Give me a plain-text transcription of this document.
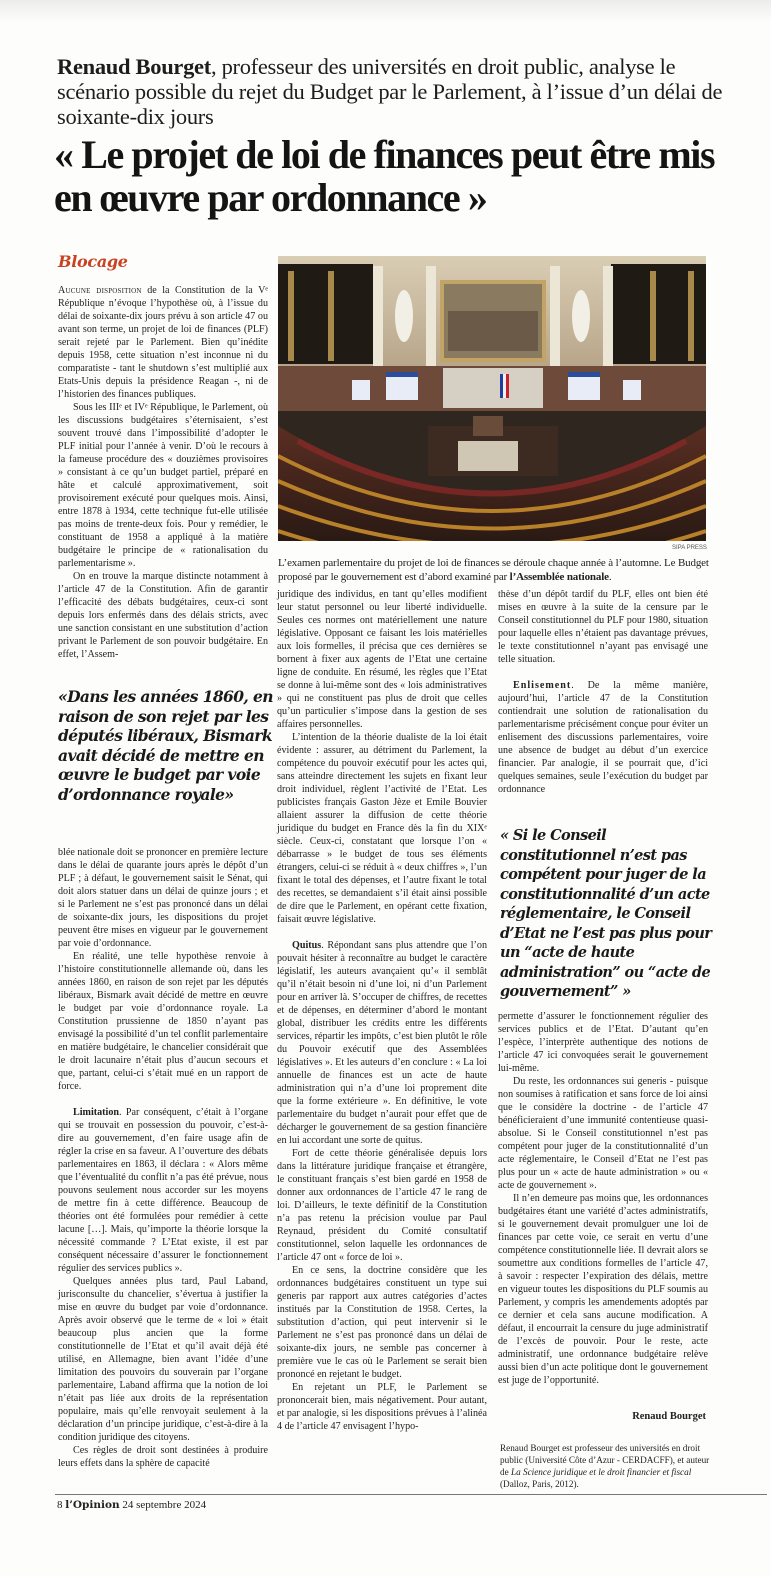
Renaud Bourget, professeur des universités en droit public, analyse le scénario possible du rejet du Budget par le Parlement, à l’issue d’un délai de soixante-dix jours
« Le projet de loi de finances peut être mis en œuvre par ordonnance »
Blocage

Aucune disposition de la Constitution de la Vᵉ République n’évoque l’hypothèse où, à l’issue du délai de soixante-dix jours prévu à son article 47 ou avant son terme, un projet de loi de finances (PLF) serait rejeté par le Parlement. Bien qu’inédite depuis 1958, cette situation n’est inconnue ni du comparatiste - tant le shutdown s’est multiplié aux Etats-Unis depuis la présidence Reagan -, ni de l’historien des finances publiques.

Sous les IIIᵉ et IVᵉ République, le Parlement, où les discussions budgétaires s’éternisaient, s’est souvent trouvé dans l’impossibilité d’adopter le PLF initial pour l’année à venir. D’où le recours à la fameuse procédure des « douzièmes provisoires » consistant à ce qu’un budget partiel, préparé en hâte et calculé approximativement, soit provisoirement exécuté pour quelques mois. Ainsi, entre 1878 à 1934, cette technique fut-elle utilisée pas moins de trente-deux fois. Pour y remédier, le constituant de 1958 a appliqué à la matière budgétaire le principe de « rationalisation du parlementarisme ».

On en trouve la marque distincte notamment à l’article 47 de la Constitution. Afin de garantir l’efficacité des débats budgétaires, ceux-ci sont depuis lors enfermés dans des délais stricts, avec une sanction consistant en une substitution d’action privant le Parlement de son pouvoir budgétaire. En effet, l’Assem-

«Dans les années 1860, en raison de son rejet par les députés libéraux, Bismark avait décidé de mettre en œuvre le budget par voie d’ordonnance royale»

blée nationale doit se prononcer en première lecture dans le délai de quarante jours après le dépôt d’un PLF ; à défaut, le gouvernement saisit le Sénat, qui doit alors statuer dans un délai de quinze jours ; et si le Parlement ne s’est pas prononcé dans un délai de soixante-dix jours, les dispositions du projet peuvent être mises en vigueur par le gouvernement par voie d’ordonnance.

En réalité, une telle hypothèse renvoie à l’histoire constitutionnelle allemande où, dans les années 1860, en raison de son rejet par les députés libéraux, Bismark avait décidé de mettre en œuvre le budget par voie d’ordonnance royale. La Constitution prussienne de 1850 n’ayant pas envisagé la possibilité d’un tel conflit parlementaire en matière budgétaire, le chancelier considérait que le droit lacunaire n’était plus d’aucun secours et que, partant, celui-ci s’était mué en un rapport de force.

Limitation. Par conséquent, c’était à l’organe qui se trouvait en possession du pouvoir, c’est-à-dire au gouvernement, d’en faire usage afin de régler la crise en sa faveur. A l’ouverture des débats parlementaires en 1863, il déclara : « Alors même que l’éventualité du conflit n’a pas été prévue, nous pouvons seulement nous accorder sur les moyens de mettre fin à cette différence. Beaucoup de théories ont été formulées pour remédier à cette lacune […]. Mais, qu’importe la théorie lorsque la nécessité commande ? L’Etat existe, il est par conséquent nécessaire d’assurer le fonctionnement régulier des services publics ».

Quelques années plus tard, Paul Laband, jurisconsulte du chancelier, s’évertua à justifier la mise en œuvre du budget par voie d’ordonnance. Après avoir observé que le terme de « loi » était beaucoup plus ancien que la forme constitutionnelle de l’Etat et qu’il avait déjà été utilisé, en Allemagne, bien avant l’idée d’une limitation des pouvoirs du souverain par l’organe parlementaire, Laband affirma que la notion de loi n’était pas liée aux droits de la représentation populaire, mais qu’elle renvoyait seulement à la déclaration d’un principe juridique, c’est-à-dire à la condition juridique des citoyens.

Ces règles de droit sont destinées à produire leurs effets dans la sphère de capacité

SIPA PRESS
L’examen parlementaire du projet de loi de finances se déroule chaque année à l’automne. Le Budget proposé par le gouvernement est d’abord examiné par l’Assemblée nationale.

juridique des individus, en tant qu’elles modifient leur statut personnel ou leur liberté individuelle. Seules ces normes ont matériellement une nature législative. Opposant ce faisant les lois matérielles aux lois formelles, il précisa que ces dernières se bornent à fixer aux agents de l’Etat une certaine ligne de conduite. En résumé, les règles que l’Etat se donne à lui-même sont des « lois administratives » qui ne constituent pas plus de droit que celles qu’un particulier s’impose dans la gestion de ses affaires personnelles.

L’intention de la théorie dualiste de la loi était évidente : assurer, au détriment du Parlement, la compétence du pouvoir exécutif pour les actes qui, sans atteindre directement les sujets en fixant leur droit individuel, règlent l’activité de l’Etat. Les publicistes français Gaston Jèze et Emile Bouvier allaient assurer la diffusion de cette théorie juridique du budget en France dès la fin du XIXᵉ siècle. Ceux-ci, constatant que lorsque l’on « débarrasse » le budget de tous ses éléments étrangers, celui-ci se réduit à « deux chiffres », l’un fixant le total des dépenses, et l’autre fixant le total des recettes, se demandaient s’il était ainsi possible de dire que le Parlement, en opérant cette fixation, faisait œuvre législative.

Quitus. Répondant sans plus attendre que l’on pouvait hésiter à reconnaître au budget le caractère législatif, les auteurs avançaient qu’« il semblât qu’il n’était besoin ni d’une loi, ni d’un Parlement pour en arriver là. S’occuper de chiffres, de recettes et de dépenses, en déterminer d’abord le montant global, distribuer les crédits entre les différents services, répartir les impôts, c’est bien plutôt le rôle du Pouvoir exécutif que des Assemblées législatives ». Et les auteurs d’en conclure : « La loi annuelle de finances est un acte de haute administration qui n’a d’une loi proprement dite que la forme extérieure ». En définitive, le vote parlementaire du budget n’aurait pour effet que de décharger le gouvernement de sa gestion financière en lui accordant une sorte de quitus.

Fort de cette théorie généralisée depuis lors dans la littérature juridique française et étrangère, le constituant français s’est bien gardé en 1958 de donner aux ordonnances de l’article 47 le rang de loi. D’ailleurs, le texte définitif de la Constitution n’a pas retenu la précision voulue par Paul Reynaud, président du Comité consultatif constitutionnel, selon laquelle les ordonnances de l’article 47 ont « force de loi ».

En ce sens, la doctrine considère que les ordonnances budgétaires constituent un type sui generis par rapport aux autres catégories d’actes institués par la Constitution de 1958. Certes, la substitution d’action, qui peut intervenir si le Parlement ne s’est pas prononcé dans un délai de soixante-dix jours, ne semble pas concerner à première vue le cas où le Parlement se serait bien prononcé en rejetant le budget.

En rejetant un PLF, le Parlement se prononcerait bien, mais négativement. Pour autant, et par analogie, si les dispositions prévues à l’alinéa 4 de l’article 47 envisagent l’hypo-

thèse d’un dépôt tardif du PLF, elles ont bien été mises en œuvre à la suite de la censure par le Conseil constitutionnel du PLF pour 1980, situation pour laquelle elles n’étaient pas davantage prévues, le texte constitutionnel n’ayant pas envisagé une telle situation.

Enlisement. De la même manière, aujourd’hui, l’article 47 de la Constitution contiendrait une solution de rationalisation du parlementarisme précisément conçue pour éviter un enlisement des discussions parlementaires, voire une absence de budget au début d’un exercice financier. Par analogie, il se pourrait que, d’ici quelques semaines, seule l’exécution du budget par ordonnance

« Si le Conseil constitutionnel n’est pas compétent pour juger de la constitutionnalité d’un acte réglementaire, le Conseil d’Etat ne l’est pas plus pour un “acte de haute administration” ou “acte de gouvernement” »

permette d’assurer le fonctionnement régulier des services publics et de l’Etat. D’autant qu’en l’espèce, l’interprète authentique des notions de l’article 47 ici convoquées serait le gouvernement lui-même.

Du reste, les ordonnances sui generis - puisque non soumises à ratification et sans force de loi ainsi que le considère la doctrine - de l’article 47 bénéficieraient d’une immunité contentieuse quasi-absolue. Si le Conseil constitutionnel n’est pas compétent pour juger de la constitutionnalité d’un acte réglementaire, le Conseil d’Etat ne l’est pas plus pour un « acte de haute administration » ou « acte de gouvernement ».

Il n’en demeure pas moins que, les ordonnances budgétaires étant une variété d’actes administratifs, si le gouvernement devait promulguer une loi de finances par cette voie, ce serait en vertu d’une compétence constitutionnelle liée. Il devrait alors se soumettre aux conditions formelles de l’article 47, à savoir : respecter l’expiration des délais, mettre en vigueur toutes les dispositions du PLF soumis au Parlement, y compris les amendements adoptés par ce dernier et cela sans aucune modification. A défaut, il encourrait la censure du juge administratif de l’excès de pouvoir. Pour le reste, acte administratif, une ordonnance budgétaire relève aussi bien d’un acte politique dont le gouvernement est juge de l’opportunité.

Renaud Bourget
Renaud Bourget est professeur des universités en droit public (Université Côte d’Azur - CERDACFF), et auteur de La Science juridique et le droit financier et fiscal (Dalloz, Paris, 2012).
8 l’Opinion 24 septembre 2024
